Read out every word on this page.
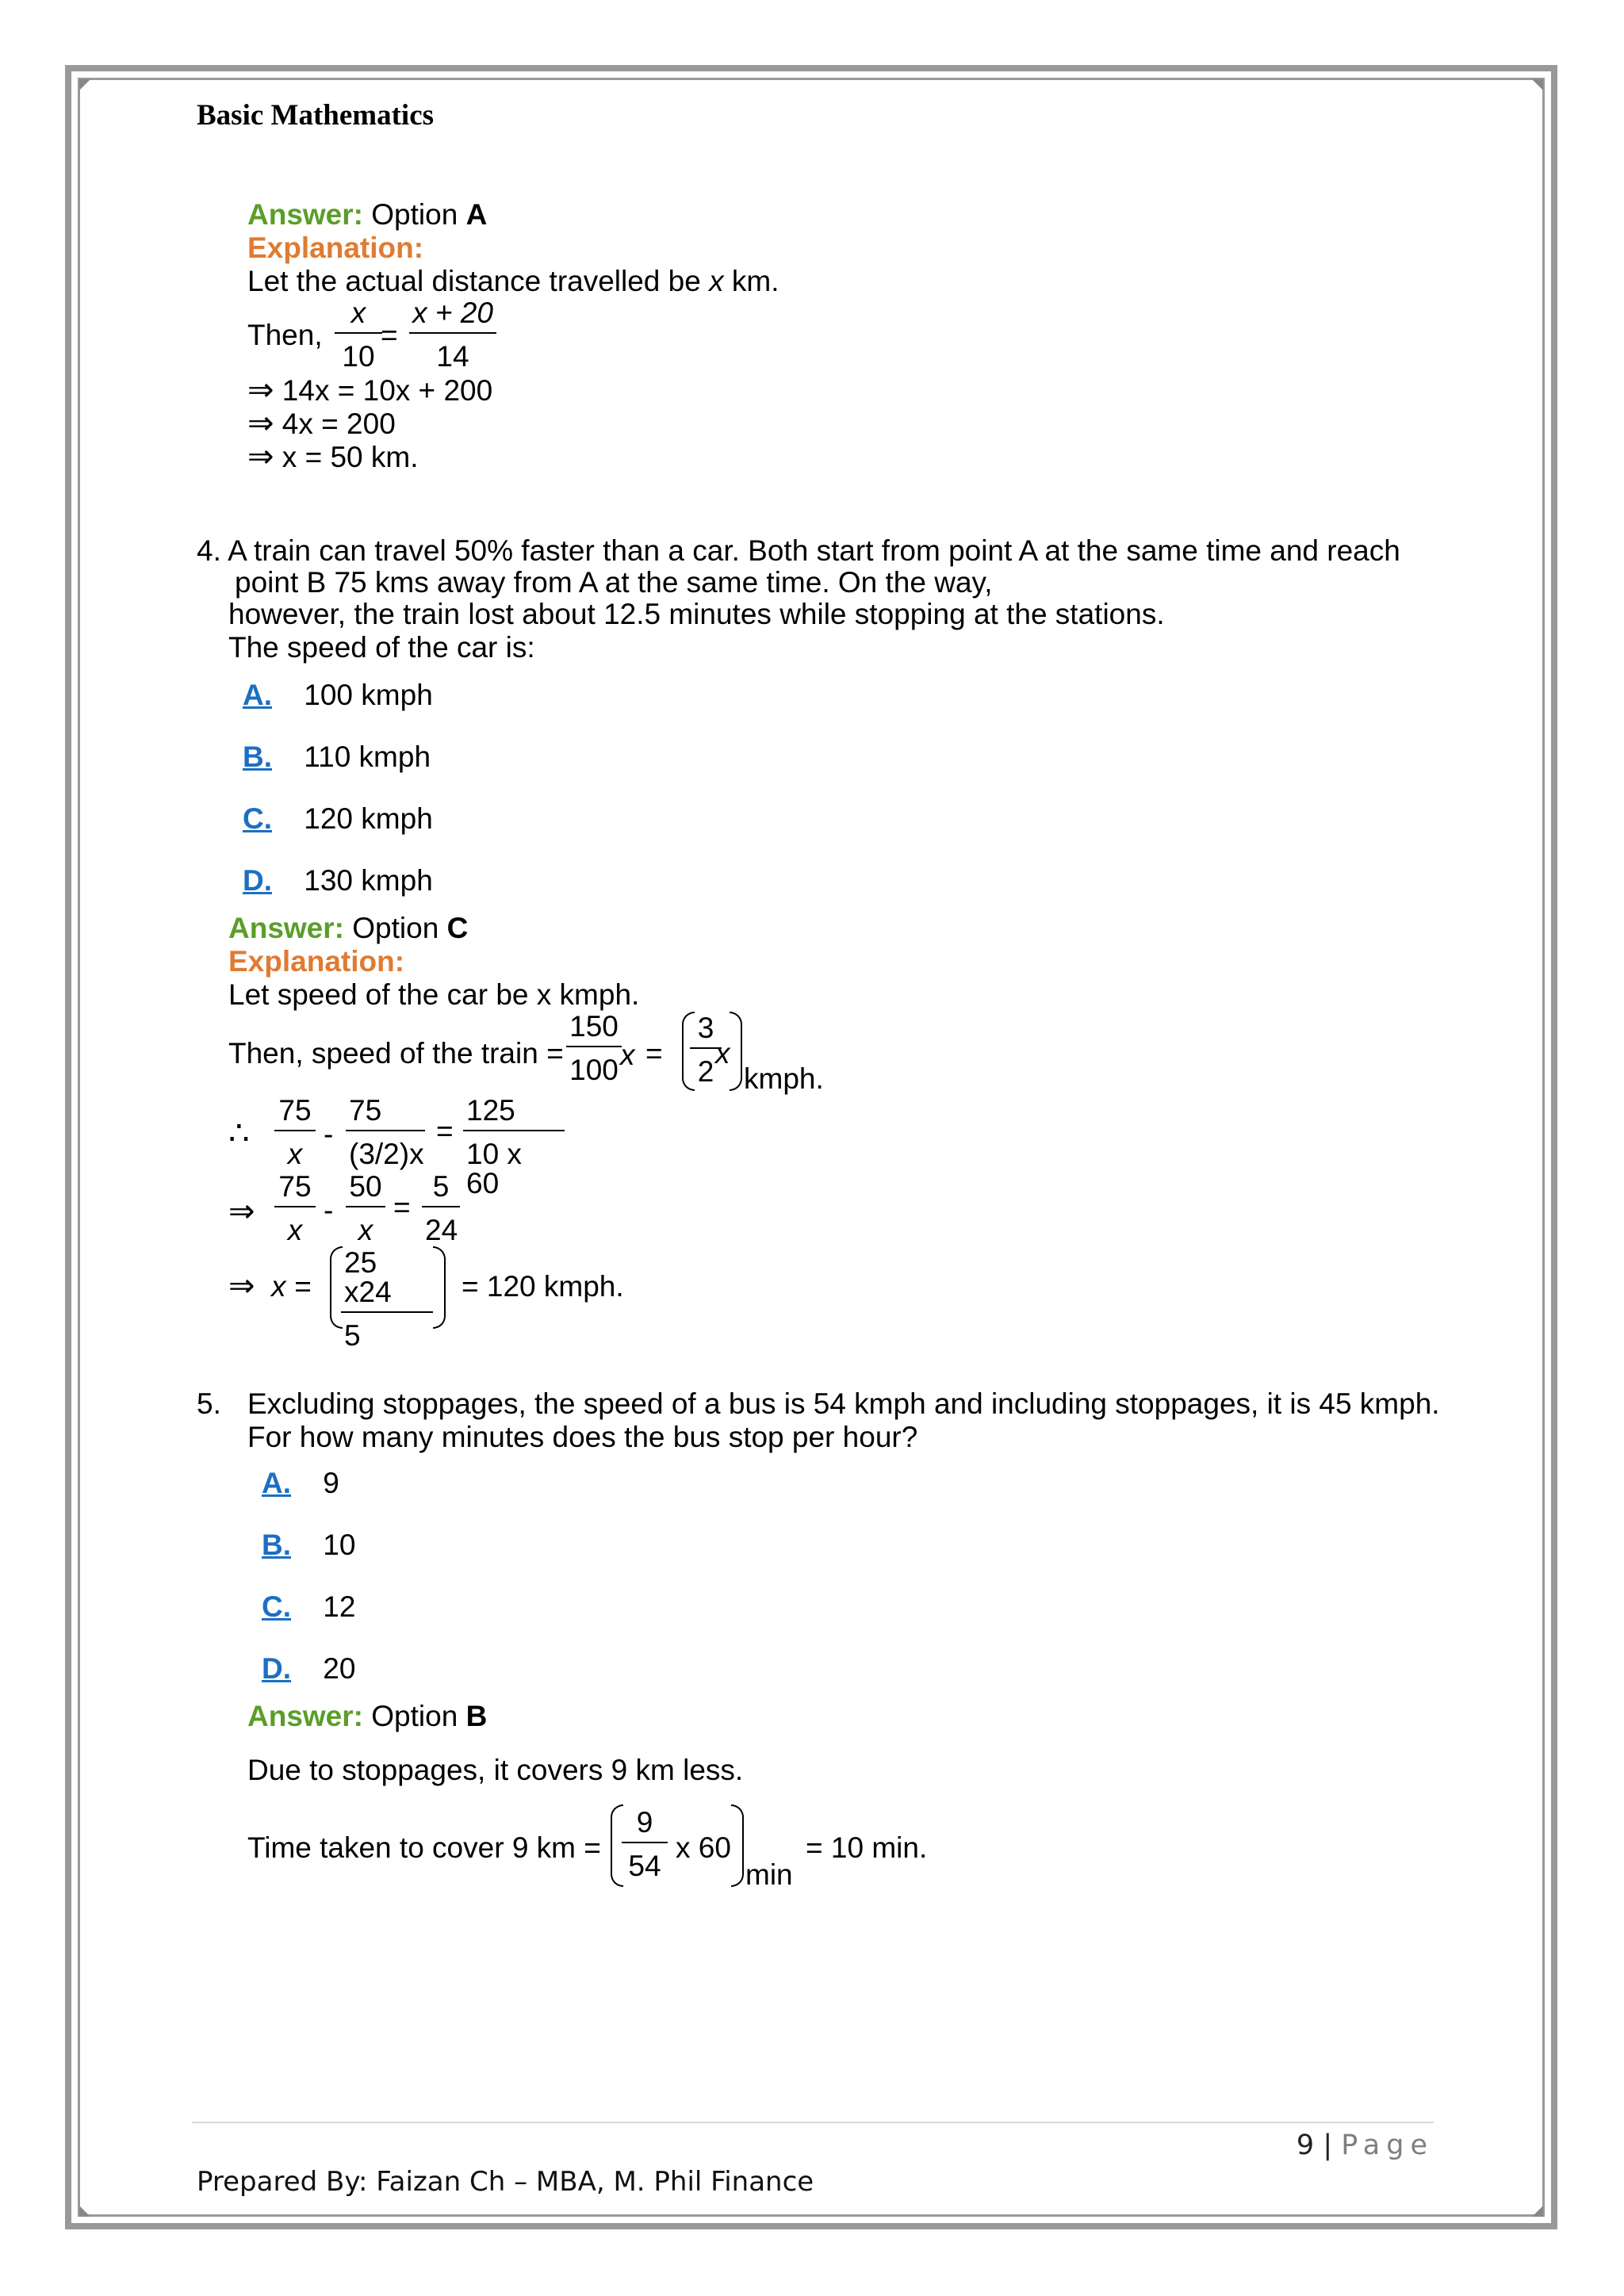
Basic Mathematics
Answer: Option A
Explanation:
Let the actual distance travelled be x km.
Then, $\frac{x}{10}$
= $\frac{x + 20}{14}$
⇒ 14x = 10x + 200
⇒ 4x = 200
⇒ x = 50 km.
4. A train can travel 50% faster than a car. Both start from point A at the same time and reach
point B 75 kms away from A at the same time. On the way,
however, the train lost about 12.5 minutes while stopping at the stations.
The speed of the car is:
A. 100 kmph
B. 110 kmph
C. 120 kmph
D. 130 kmph
Answer: Option C
Explanation:
Let speed of the car be x kmph.
Then, speed of the train = $\frac{150}{100}$
$x = \frac{3}{2}$
x
kmph.
∴ $\frac{75}{x} - \frac{75}{(3/2)x} = \frac{125}{10 x 60}$
⇒ $\frac{75}{x} - \frac{50}{x} = \frac{5}{24}$
⇒ $x = \frac{25 x24}{5} = 120$ kmph.
5. Excluding stoppages, the speed of a bus is 54 kmph and including stoppages, it is 45 kmph.
For how many minutes does the bus stop per hour?
A. 9
B. 10
C. 12
D. 20
Answer: Option B
Due to stoppages, it covers 9 km less.
Time taken to cover 9 km = $\frac{9}{54}$ x 60
min
= 10 min.
9 | Page
Prepared By: Faizan Ch – MBA, M. Phil Finance
